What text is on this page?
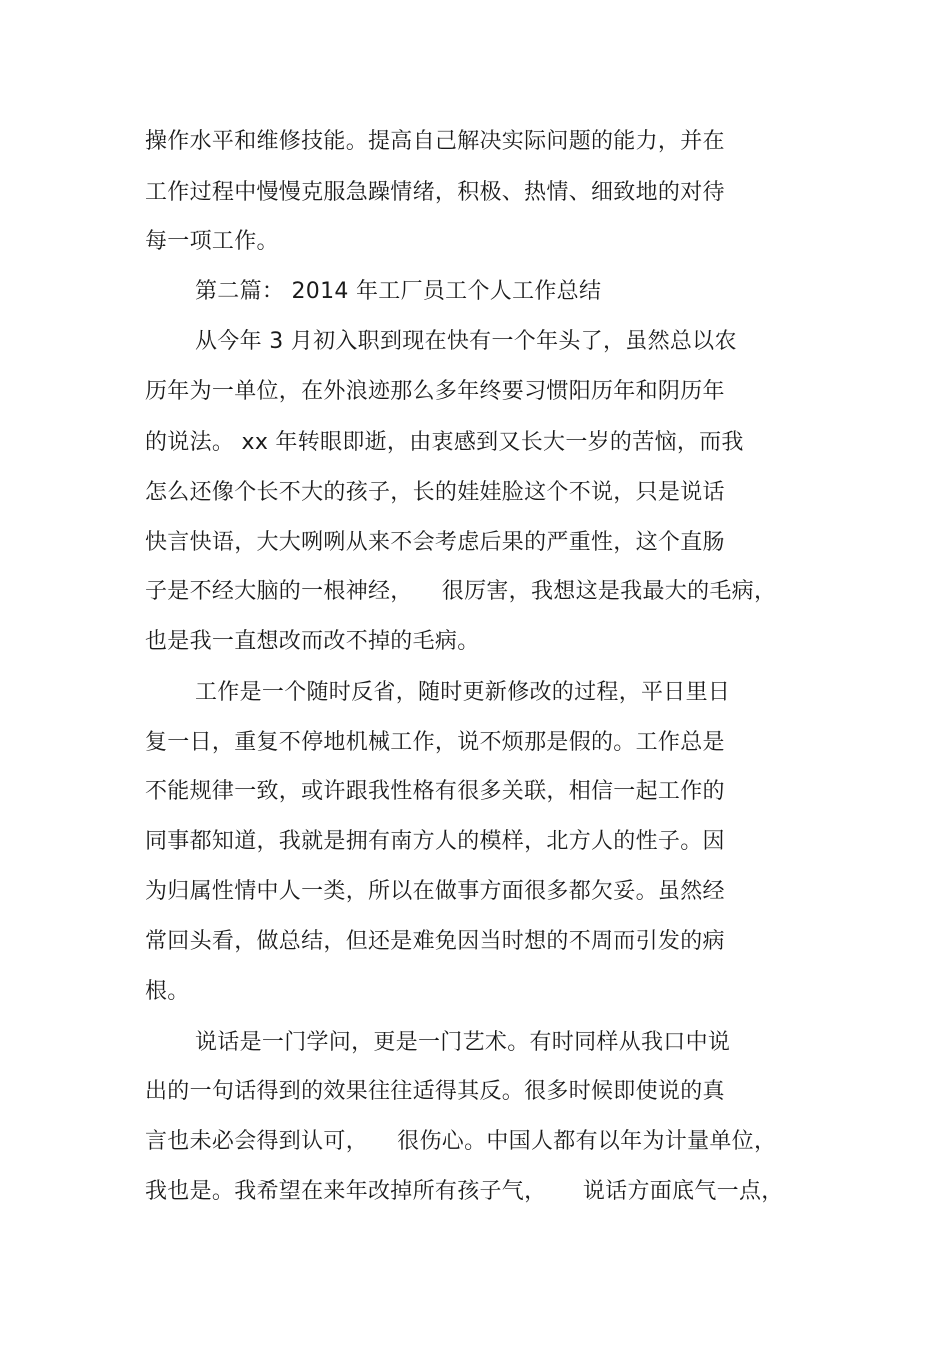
操作水平和维修技能。提高自己解决实际问题的能力，并在
工作过程中慢慢克服急躁情绪，积极、热情、细致地的对待
每一项工作。
第二篇： 2014 年工厂员工个人工作总结
从今年 3 月初入职到现在快有一个年头了，虽然总以农
历年为一单位，在外浪迹那么多年终要习惯阳历年和阴历年
的说法。 xx 年转眼即逝，由衷感到又长大一岁的苦恼，而我
怎么还像个长不大的孩子，长的娃娃脸这个不说，只是说话
快言快语，大大咧咧从来不会考虑后果的严重性，这个直肠
子是不经大脑的一根神经，    很厉害，我想这是我最大的毛病，
也是我一直想改而改不掉的毛病。
工作是一个随时反省，随时更新修改的过程，平日里日
复一日，重复不停地机械工作，说不烦那是假的。工作总是
不能规律一致，或许跟我性格有很多关联，相信一起工作的
同事都知道，我就是拥有南方人的模样，北方人的性子。因
为归属性情中人一类，所以在做事方面很多都欠妥。虽然经
常回头看，做总结，但还是难免因当时想的不周而引发的病
根。
说话是一门学问，更是一门艺术。有时同样从我口中说
出的一句话得到的效果往往适得其反。很多时候即使说的真
言也未必会得到认可，    很伤心。中国人都有以年为计量单位，
我也是。我希望在来年改掉所有孩子气，     说话方面底气一点，
